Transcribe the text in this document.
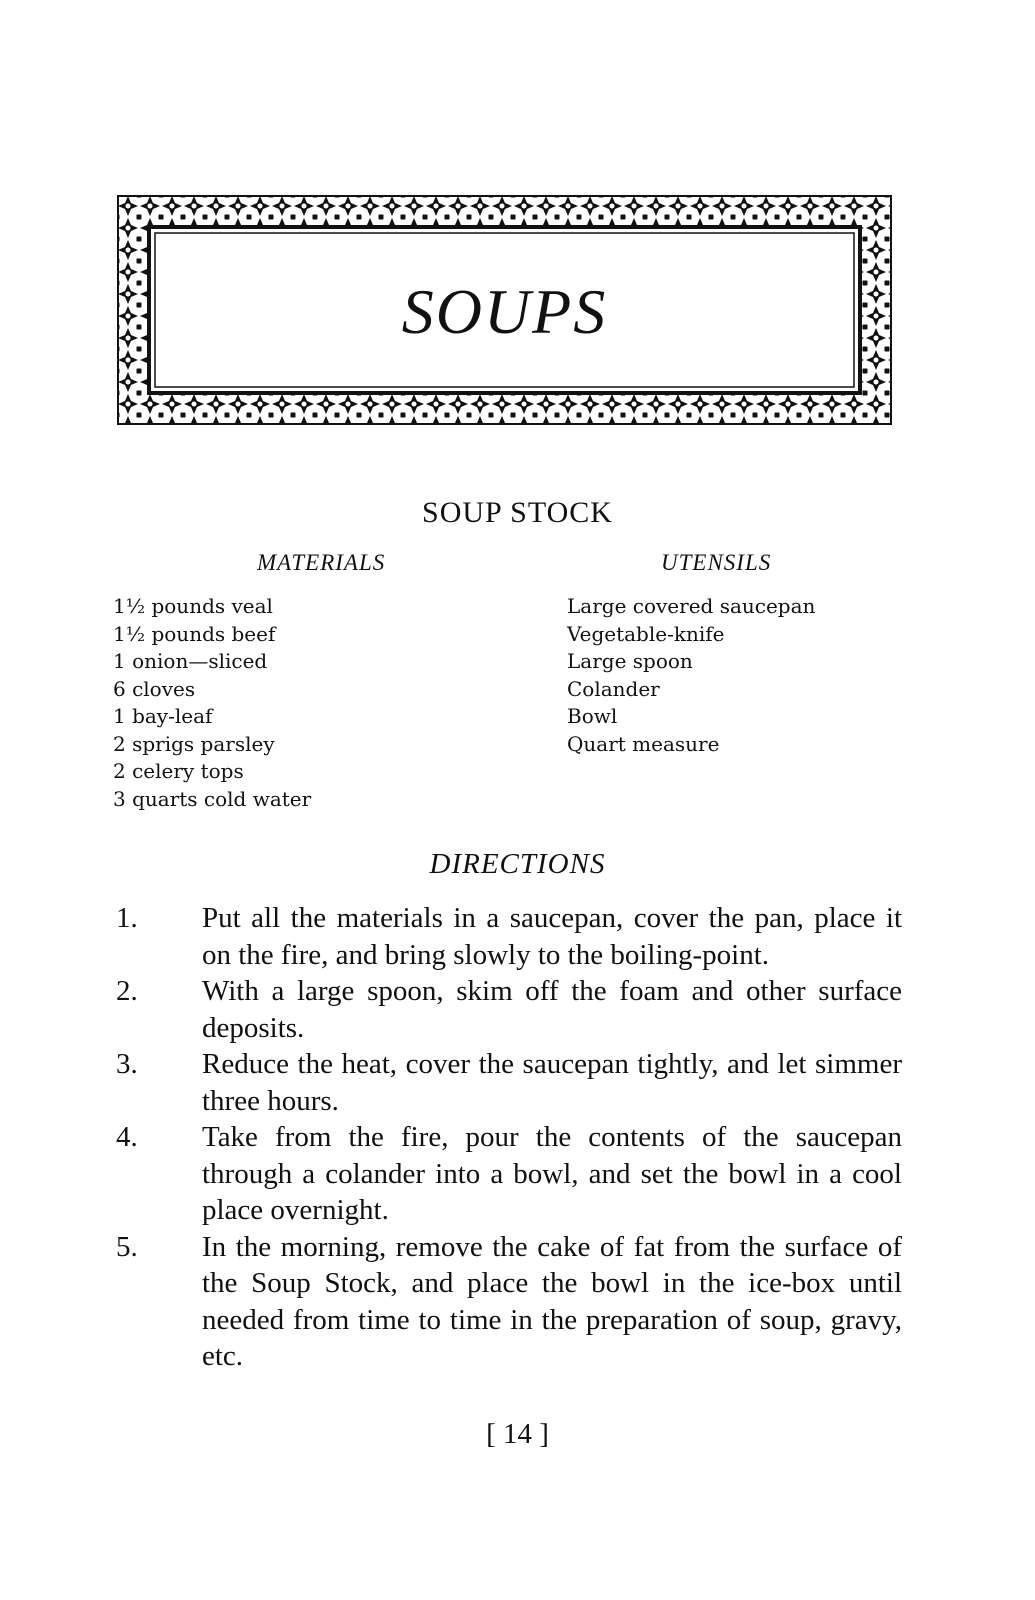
SOUPS
SOUP STOCK
MATERIALS	UTENSILS
1½ pounds veal
1½ pounds beef
1 onion—sliced
6 cloves
1 bay-leaf
2 sprigs parsley
2 celery tops
3 quarts cold water
Large covered saucepan
Vegetable-knife
Large spoon
Colander
Bowl
Quart measure
DIRECTIONS
1. Put all the materials in a saucepan, cover the pan, place it on the fire, and bring slowly to the boiling-point.
2. With a large spoon, skim off the foam and other surface deposits.
3. Reduce the heat, cover the saucepan tightly, and let simmer three hours.
4. Take from the fire, pour the contents of the saucepan through a colander into a bowl, and set the bowl in a cool place overnight.
5. In the morning, remove the cake of fat from the surface of the Soup Stock, and place the bowl in the ice-box until needed from time to time in the preparation of soup, gravy, etc.
[ 14 ]
